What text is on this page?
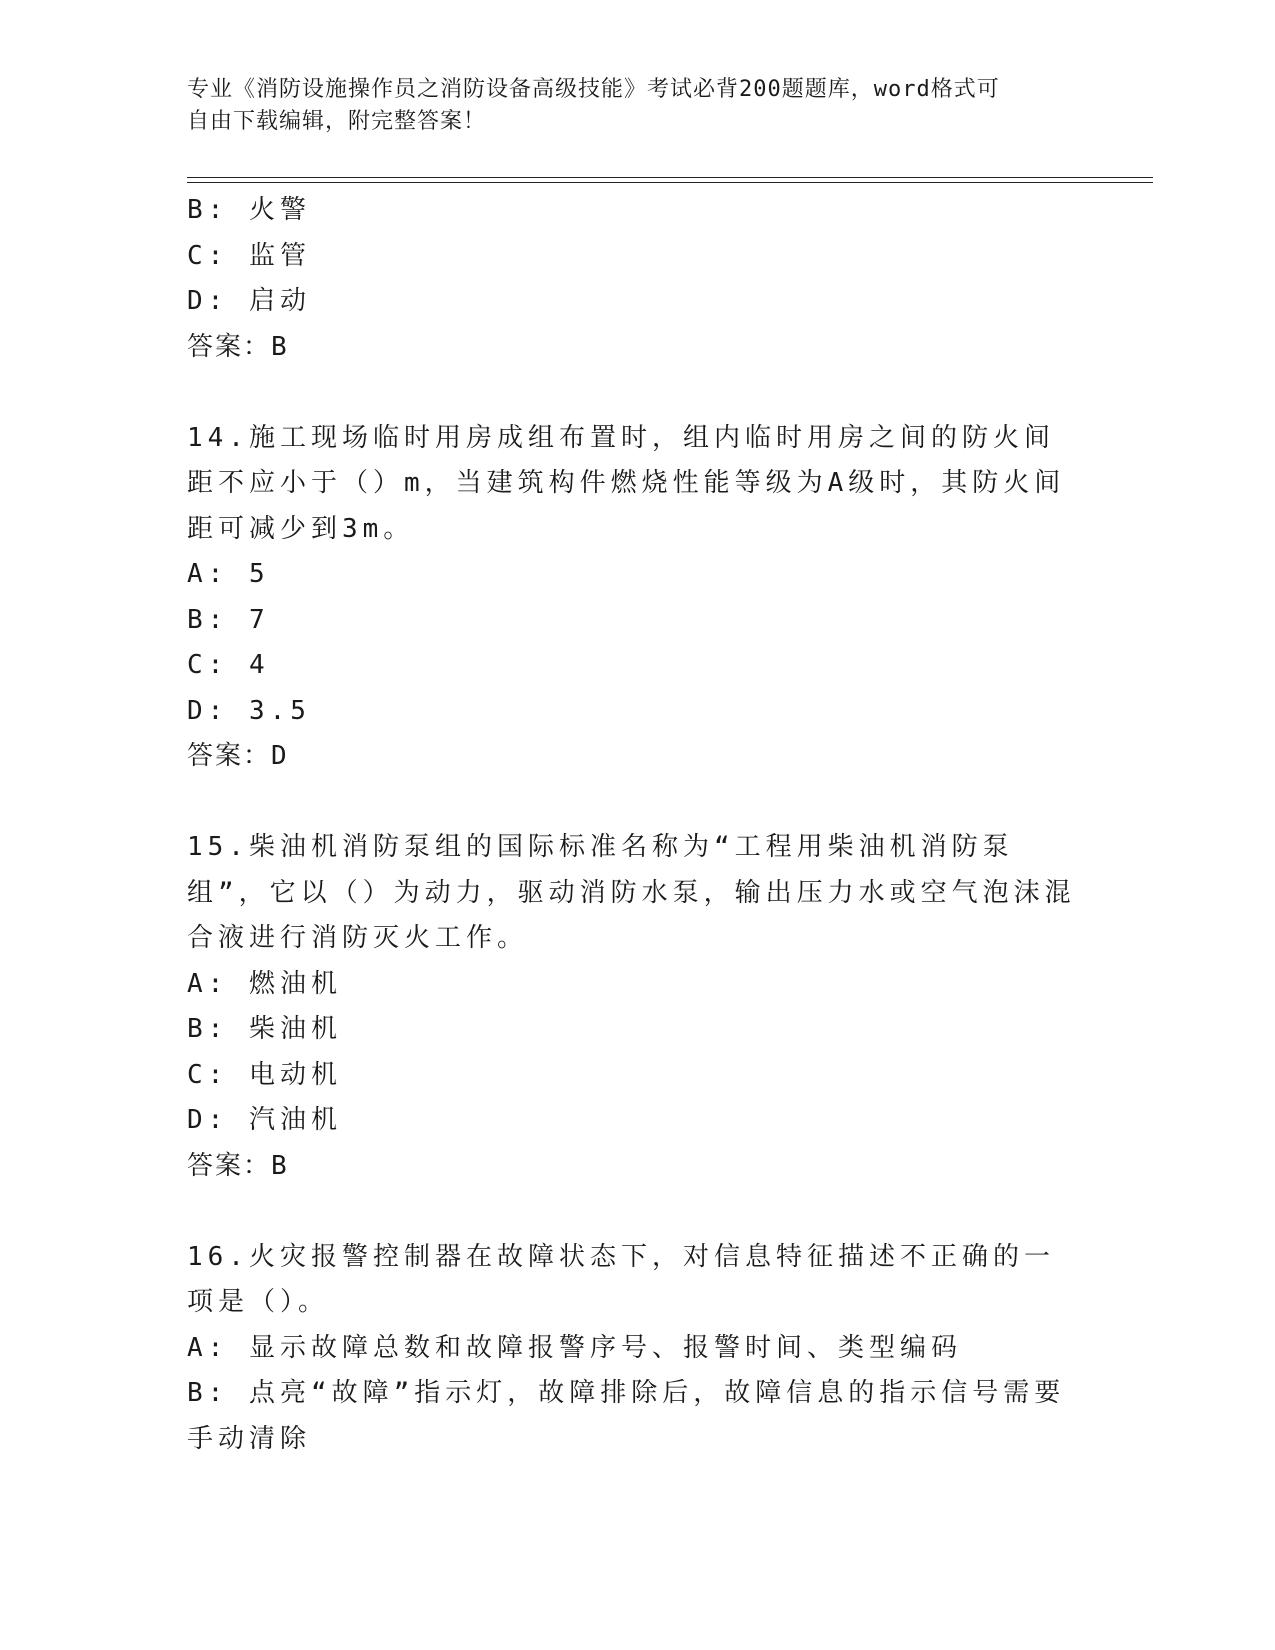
专业《消防设施操作员之消防设备高级技能》考试必背200题题库，word格式可
自由下载编辑，附完整答案！

B: 火警

C: 监管

D: 启动

答案：B

14.施工现场临时用房成组布置时，组内临时用房之间的防火间距不应小于（）m，当建筑构件燃烧性能等级为A级时，其防火间距可减少到3m。

A: 5

B: 7

C: 4

D: 3.5

答案：D

15.柴油机消防泵组的国际标准名称为“工程用柴油机消防泵组”，它以（）为动力，驱动消防水泵，输出压力水或空气泡沫混合液进行消防灭火工作。

A: 燃油机

B: 柴油机

C: 电动机

D: 汽油机

答案：B

16.火灾报警控制器在故障状态下，对信息特征描述不正确的一项是（）。

A: 显示故障总数和故障报警序号、报警时间、类型编码

B: 点亮“故障”指示灯，故障排除后，故障信息的指示信号需要手动清除
